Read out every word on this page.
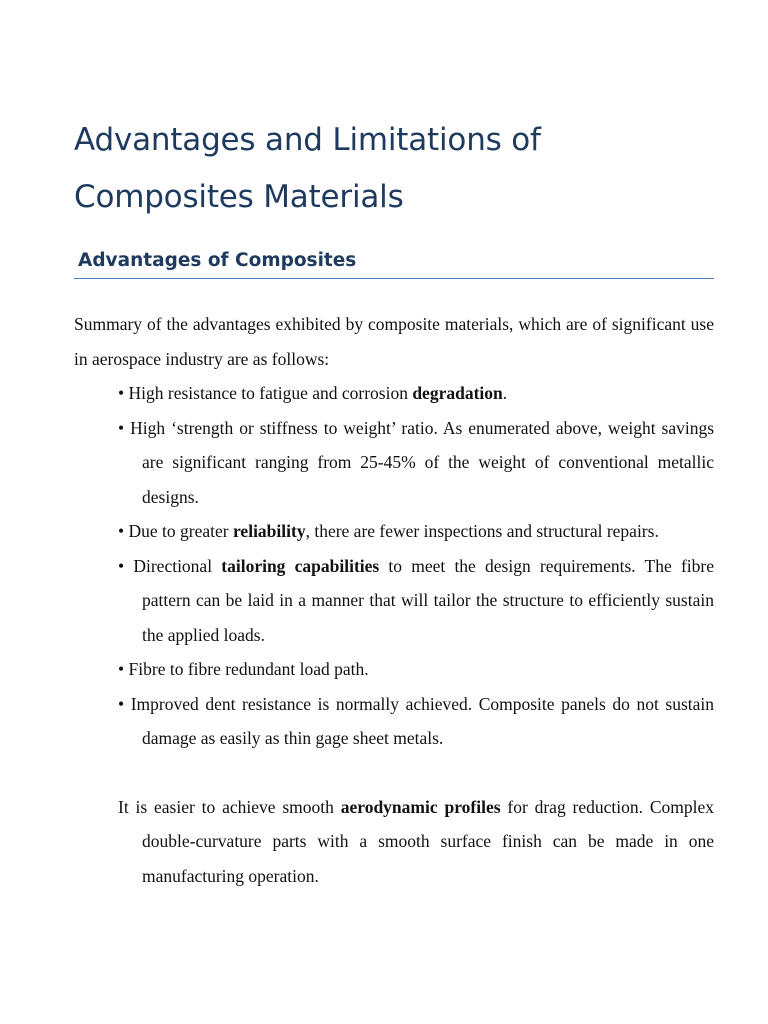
Advantages and Limitations of
Composites Materials
Advantages of Composites

Summary of the advantages exhibited by composite materials, which are of significant use in aerospace industry are as follows:

• High resistance to fatigue and corrosion degradation.

• High ‘strength or stiffness to weight’ ratio. As enumerated above, weight savings are significant ranging from 25-45% of the weight of conventional metallic designs.

• Due to greater reliability, there are fewer inspections and structural repairs.

• Directional tailoring capabilities to meet the design requirements. The fibre pattern can be laid in a manner that will tailor the structure to efficiently sustain the applied loads.

• Fibre to fibre redundant load path.

• Improved dent resistance is normally achieved. Composite panels do not sustain damage as easily as thin gage sheet metals.

It is easier to achieve smooth aerodynamic profiles for drag reduction. Complex double-curvature parts with a smooth surface finish can be made in one manufacturing operation.
